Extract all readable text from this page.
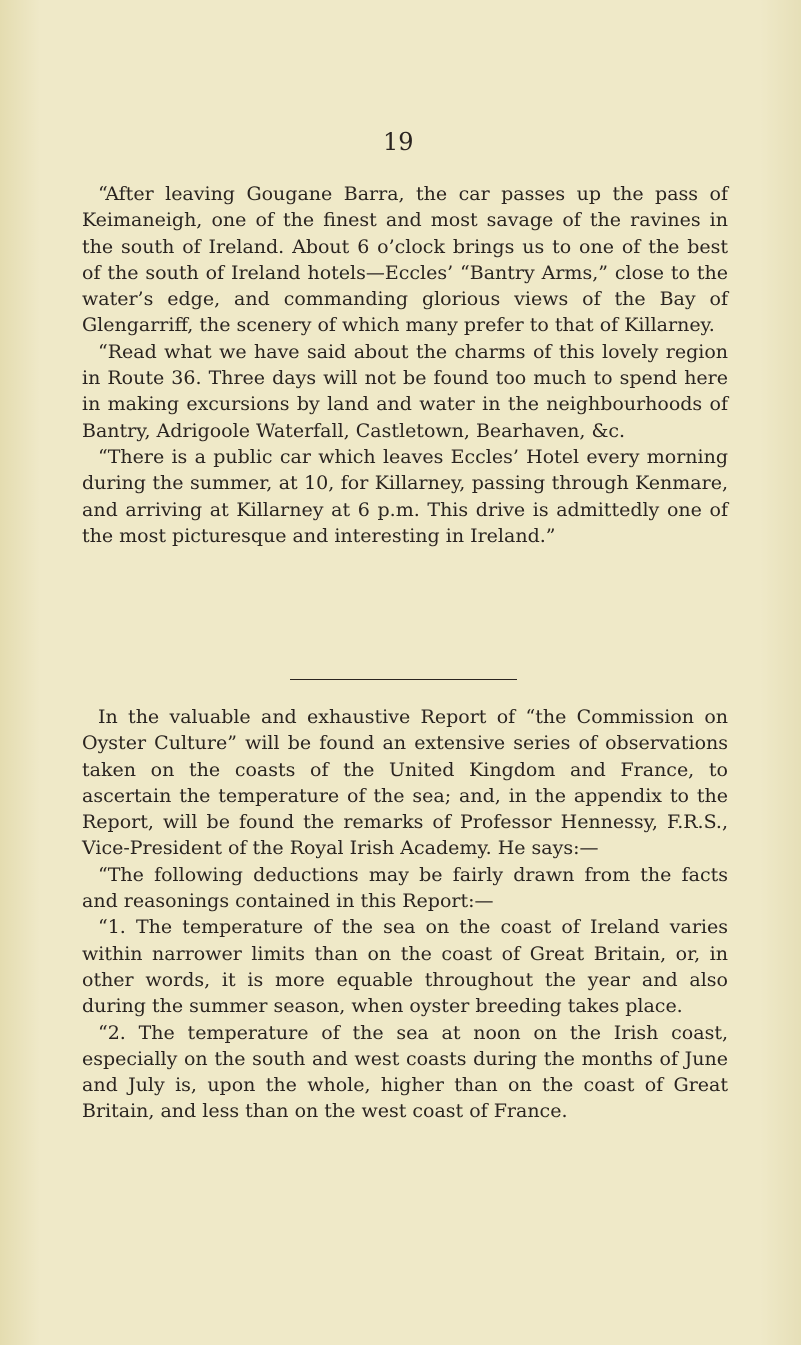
19

“After leaving Gougane Barra, the car passes up the pass of Keimaneigh, one of the finest and most savage of the ravines in the south of Ireland. About 6 o’clock brings us to one of the best of the south of Ireland hotels—Eccles’ “Bantry Arms,” close to the water’s edge, and commanding glorious views of the Bay of Glengarriff, the scenery of which many prefer to that of Killarney.

“Read what we have said about the charms of this lovely region in Route 36. Three days will not be found too much to spend here in making excursions by land and water in the neighbourhoods of Bantry, Adrigoole Waterfall, Castletown, Bearhaven, &c.

“There is a public car which leaves Eccles’ Hotel every morning during the summer, at 10, for Killarney, passing through Kenmare, and arriving at Killarney at 6 p.m. This drive is admittedly one of the most picturesque and interesting in Ireland.”

In the valuable and exhaustive Report of “the Commission on Oyster Culture” will be found an extensive series of observations taken on the coasts of the United Kingdom and France, to ascertain the temperature of the sea; and, in the appendix to the Report, will be found the remarks of Professor Hennessy, F.R.S., Vice-President of the Royal Irish Academy. He says:—

“The following deductions may be fairly drawn from the facts and reasonings contained in this Report:—

“1. The temperature of the sea on the coast of Ireland varies within narrower limits than on the coast of Great Britain, or, in other words, it is more equable throughout the year and also during the summer season, when oyster breeding takes place.

“2. The temperature of the sea at noon on the Irish coast, especially on the south and west coasts during the months of June and July is, upon the whole, higher than on the coast of Great Britain, and less than on the west coast of France.
